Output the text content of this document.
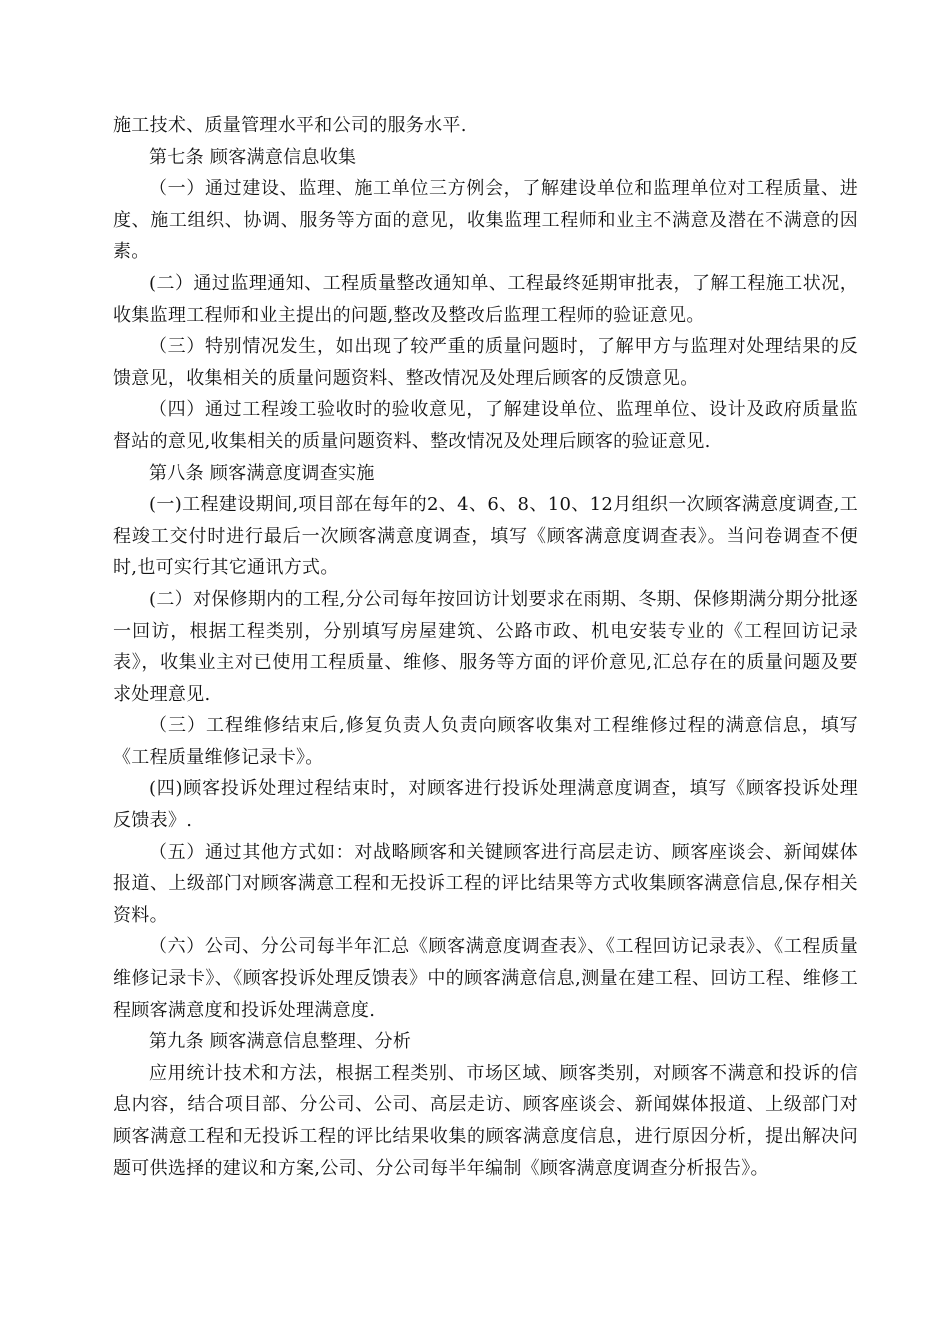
施工技术、质量管理水平和公司的服务水平.

第七条 顾客满意信息收集

（一）通过建设、监理、施工单位三方例会，了解建设单位和监理单位对工程质量、进度、施工组织、协调、服务等方面的意见，收集监理工程师和业主不满意及潜在不满意的因素。

(二）通过监理通知、工程质量整改通知单、工程最终延期审批表，了解工程施工状况，收集监理工程师和业主提出的问题,整改及整改后监理工程师的验证意见。

（三）特别情况发生，如出现了较严重的质量问题时，了解甲方与监理对处理结果的反馈意见，收集相关的质量问题资料、整改情况及处理后顾客的反馈意见。

（四）通过工程竣工验收时的验收意见，了解建设单位、监理单位、设计及政府质量监督站的意见,收集相关的质量问题资料、整改情况及处理后顾客的验证意见.

第八条 顾客满意度调查实施

(一)工程建设期间,项目部在每年的2、4、6、8、10、12月组织一次顾客满意度调查,工程竣工交付时进行最后一次顾客满意度调查，填写《顾客满意度调查表》。当问卷调查不便时,也可实行其它通讯方式。

(二）对保修期内的工程,分公司每年按回访计划要求在雨期、冬期、保修期满分期分批逐一回访，根据工程类别，分别填写房屋建筑、公路市政、机电安装专业的《工程回访记录表》，收集业主对已使用工程质量、维修、服务等方面的评价意见,汇总存在的质量问题及要求处理意见.

（三）工程维修结束后,修复负责人负责向顾客收集对工程维修过程的满意信息，填写《工程质量维修记录卡》。

(四)顾客投诉处理过程结束时，对顾客进行投诉处理满意度调查，填写《顾客投诉处理反馈表》.

（五）通过其他方式如：对战略顾客和关键顾客进行高层走访、顾客座谈会、新闻媒体报道、上级部门对顾客满意工程和无投诉工程的评比结果等方式收集顾客满意信息,保存相关资料。

（六）公司、分公司每半年汇总《顾客满意度调查表》、《工程回访记录表》、《工程质量维修记录卡》、《顾客投诉处理反馈表》中的顾客满意信息,测量在建工程、回访工程、维修工程顾客满意度和投诉处理满意度.

第九条 顾客满意信息整理、分析

应用统计技术和方法，根据工程类别、市场区域、顾客类别，对顾客不满意和投诉的信息内容，结合项目部、分公司、公司、高层走访、顾客座谈会、新闻媒体报道、上级部门对顾客满意工程和无投诉工程的评比结果收集的顾客满意度信息，进行原因分析，提出解决问题可供选择的建议和方案,公司、分公司每半年编制《顾客满意度调查分析报告》。
